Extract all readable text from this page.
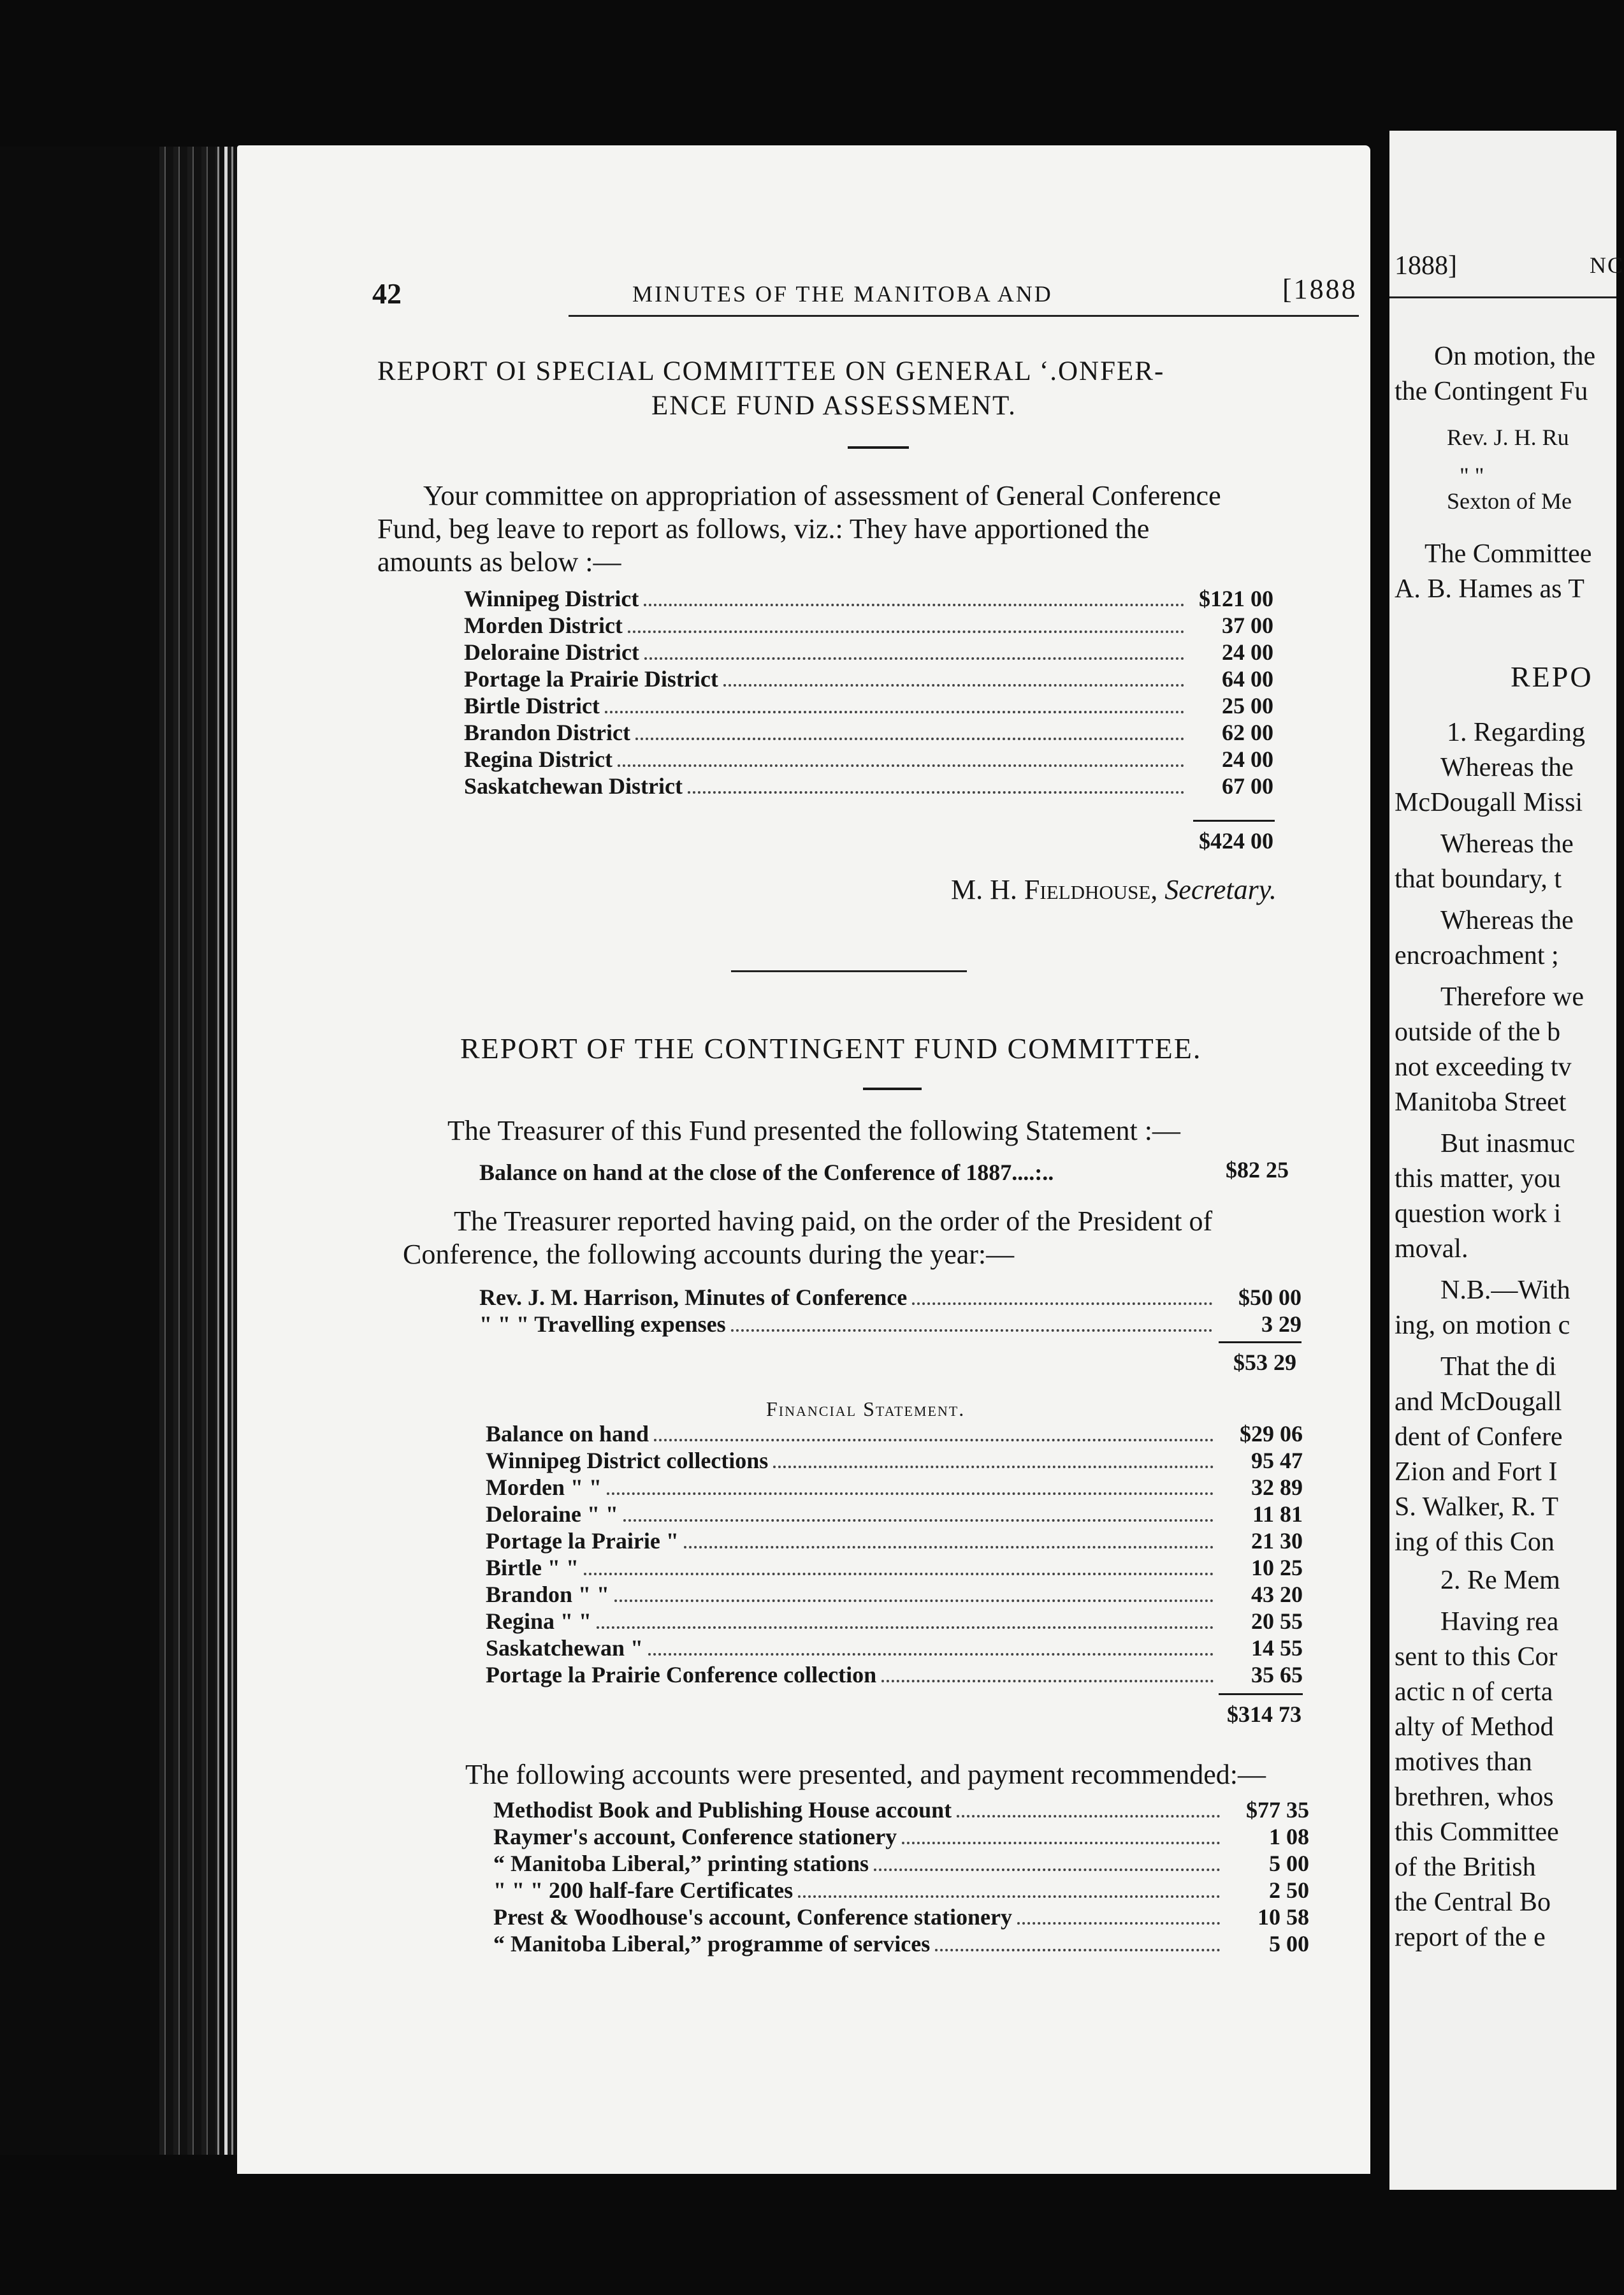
42	MINUTES OF THE MANITOBA AND	[1888
REPORT OI SPECIAL COMMITTEE ON GENERAL ‘.ONFER-
ENCE FUND ASSESSMENT.
Your committee on appropriation of assessment of General Conference
Fund, beg leave to report as follows, viz.: They have apportioned the
amounts as below :—
Winnipeg District	$121 00
Morden District	37 00
Deloraine District	24 00
Portage la Prairie District	64 00
Birtle District	25 00
Brandon District	62 00
Regina District	24 00
Saskatchewan District	67 00
$424 00
M. H. Fieldhouse, Secretary.
REPORT OF THE CONTINGENT FUND COMMITTEE.
The Treasurer of this Fund presented the following Statement :—
Balance on hand at the close of the Conference of 1887....:..	$82 25
The Treasurer reported having paid, on the order of the President of
Conference, the following accounts during the year:—
Rev. J. M. Harrison, Minutes of Conference	$50 00
" " " Travelling expenses	3 29
$53 29
Financial Statement.
Balance on hand	$29 06
Winnipeg District collections	95 47
Morden " "	32 89
Deloraine " "	11 81
Portage la Prairie "	21 30
Birtle " "	10 25
Brandon " "	43 20
Regina " "	20 55
Saskatchewan "	14 55
Portage la Prairie Conference collection	35 65
$314 73
The following accounts were presented, and payment recommended:—
Methodist Book and Publishing House account	$77 35
Raymer's account, Conference stationery	1 08
“ Manitoba Liberal,” printing stations	5 00
" " " 200 half-fare Certificates	2 50
Prest & Woodhouse's account, Conference stationery	10 58
“ Manitoba Liberal,” programme of services	5 00
1888]	NC
On motion, the
the Contingent Fu
Rev. J. H. Ru
" "
Sexton of Me
The Committee
A. B. Hames as T
REPO
1. Regarding
Whereas the
McDougall Missi
Whereas the
that boundary, t
Whereas the
encroachment ;
Therefore we
outside of the b
not exceeding tv
Manitoba Street
But inasmuc
this matter, you
question work i
moval.
N.B.—With
ing, on motion c
That the di
and McDougall
dent of Confere
Zion and Fort I
S. Walker, R. T
ing of this Con
2. Re Mem
Having rea
sent to this Cor
actic n of certa
alty of Method
motives than
brethren, whos
this Committee
of the British
the Central Bo
report of the e
